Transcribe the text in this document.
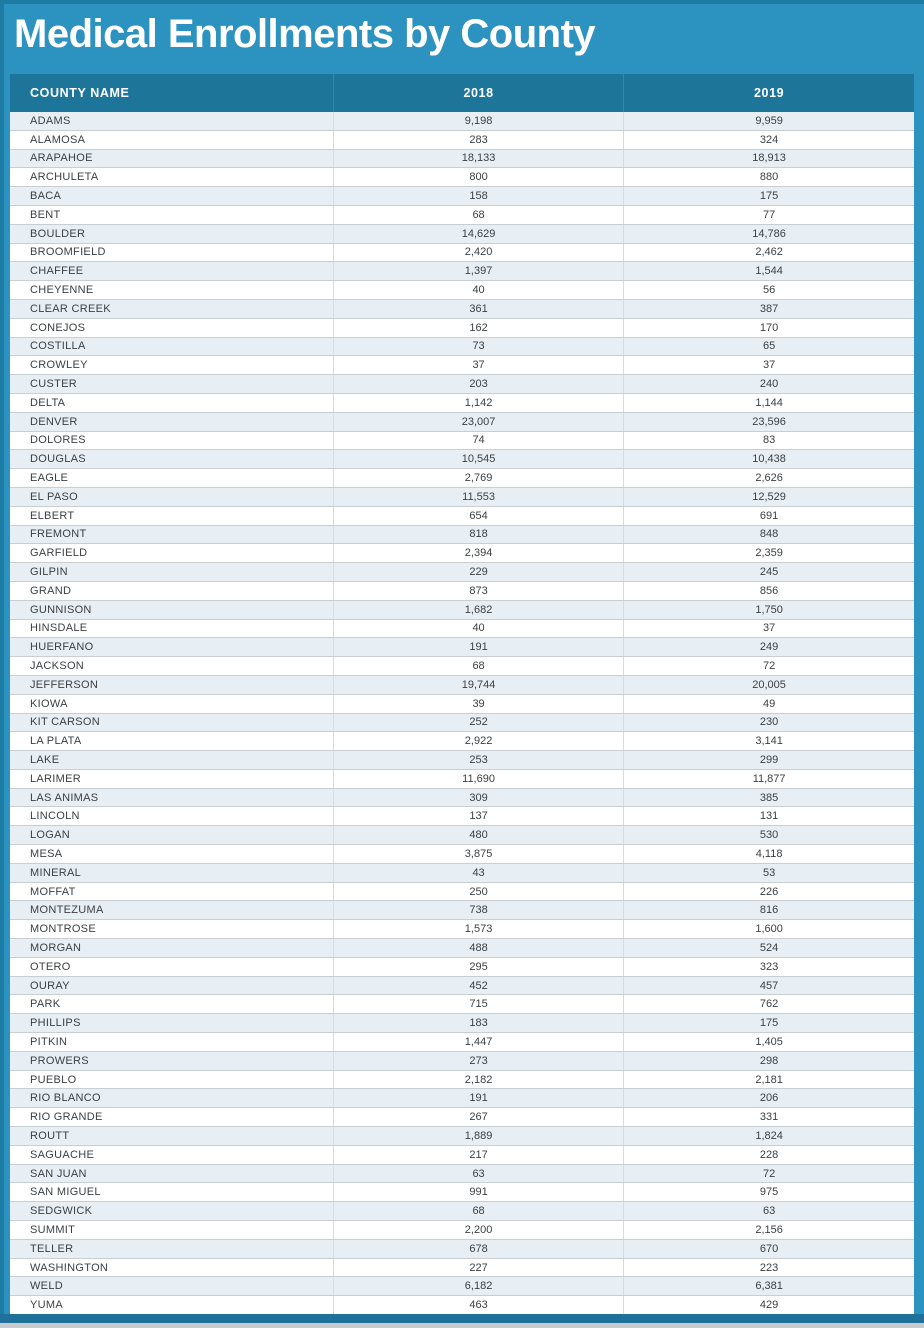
Medical Enrollments by County
COUNTY NAME	2018	2019
ADAMS	9,198	9,959
ALAMOSA	283	324
ARAPAHOE	18,133	18,913
ARCHULETA	800	880
BACA	158	175
BENT	68	77
BOULDER	14,629	14,786
BROOMFIELD	2,420	2,462
CHAFFEE	1,397	1,544
CHEYENNE	40	56
CLEAR CREEK	361	387
CONEJOS	162	170
COSTILLA	73	65
CROWLEY	37	37
CUSTER	203	240
DELTA	1,142	1,144
DENVER	23,007	23,596
DOLORES	74	83
DOUGLAS	10,545	10,438
EAGLE	2,769	2,626
EL PASO	11,553	12,529
ELBERT	654	691
FREMONT	818	848
GARFIELD	2,394	2,359
GILPIN	229	245
GRAND	873	856
GUNNISON	1,682	1,750
HINSDALE	40	37
HUERFANO	191	249
JACKSON	68	72
JEFFERSON	19,744	20,005
KIOWA	39	49
KIT CARSON	252	230
LA PLATA	2,922	3,141
LAKE	253	299
LARIMER	11,690	11,877
LAS ANIMAS	309	385
LINCOLN	137	131
LOGAN	480	530
MESA	3,875	4,118
MINERAL	43	53
MOFFAT	250	226
MONTEZUMA	738	816
MONTROSE	1,573	1,600
MORGAN	488	524
OTERO	295	323
OURAY	452	457
PARK	715	762
PHILLIPS	183	175
PITKIN	1,447	1,405
PROWERS	273	298
PUEBLO	2,182	2,181
RIO BLANCO	191	206
RIO GRANDE	267	331
ROUTT	1,889	1,824
SAGUACHE	217	228
SAN JUAN	63	72
SAN MIGUEL	991	975
SEDGWICK	68	63
SUMMIT	2,200	2,156
TELLER	678	670
WASHINGTON	227	223
WELD	6,182	6,381
YUMA	463	429
